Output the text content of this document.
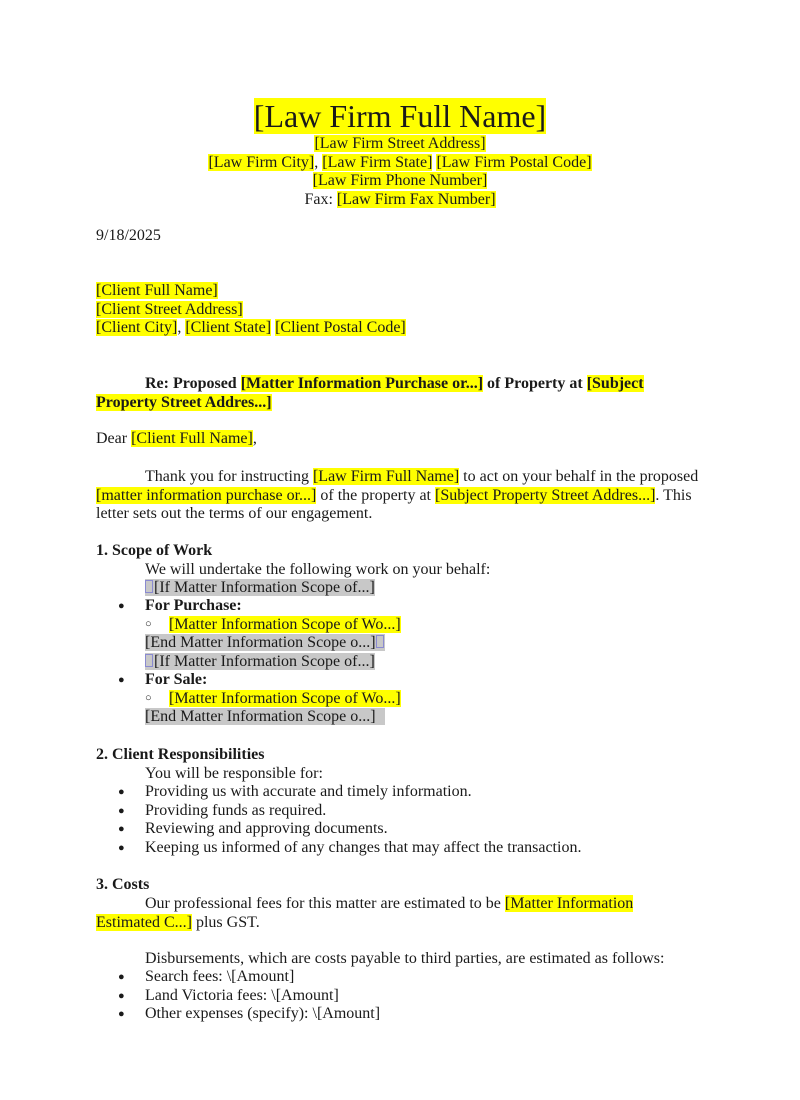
[Law Firm Full Name]
[Law Firm Street Address]
[Law Firm City], [Law Firm State] [Law Firm Postal Code]
[Law Firm Phone Number]
Fax: [Law Firm Fax Number]
9/18/2025
[Client Full Name]
[Client Street Address]
[Client City], [Client State] [Client Postal Code]
Re: Proposed [Matter Information Purchase or...] of Property at [Subject
Property Street Addres...]
Dear [Client Full Name],
Thank you for instructing [Law Firm Full Name] to act on your behalf in the proposed
[matter information purchase or...] of the property at [Subject Property Street Addres...]. This
letter sets out the terms of our engagement.
1. Scope of Work
We will undertake the following work on your behalf:
[If Matter Information Scope of...]
● For Purchase:
○ [Matter Information Scope of Wo...]
[End Matter Information Scope o...]
[If Matter Information Scope of...]
● For Sale:
○ [Matter Information Scope of Wo...]
[End Matter Information Scope o...]
2. Client Responsibilities
You will be responsible for:
● Providing us with accurate and timely information.
● Providing funds as required.
● Reviewing and approving documents.
● Keeping us informed of any changes that may affect the transaction.
3. Costs
Our professional fees for this matter are estimated to be [Matter Information
Estimated C...] plus GST.
Disbursements, which are costs payable to third parties, are estimated as follows:
● Search fees: \[Amount]
● Land Victoria fees: \[Amount]
● Other expenses (specify): \[Amount]
